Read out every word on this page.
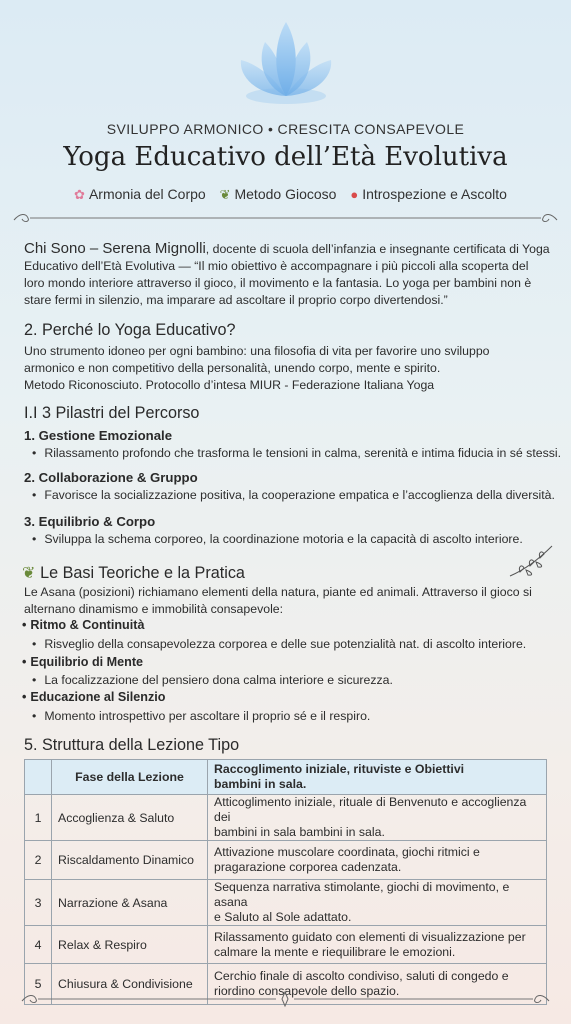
SVILUPPO ARMONICO • CRESCITA CONSAPEVOLE
Yoga Educativo dell’Età Evolutiva
✿ Armonia del Corpo ❦ Metodo Giocoso ● Introspezione e Ascolto
Chi Sono – Serena Mignolli, docente di scuola dell’infanzia e insegnante certificata di Yoga
Educativo dell’Età Evolutiva — “Il mio obiettivo è accompagnare i più piccoli alla scoperta del
loro mondo interiore attraverso il gioco, il movimento e la fantasia. Lo yoga per bambini non è
stare fermi in silenzio, ma imparare ad ascoltare il proprio corpo divertendosi.”
2. Perché lo Yoga Educativo?
Uno strumento idoneo per ogni bambino: una filosofia di vita per favorire uno sviluppo
armonico e non competitivo della personalità, unendo corpo, mente e spirito.
Metodo Riconosciuto. Protocollo d’intesa MIUR - Federazione Italiana Yoga
I.I 3 Pilastri del Percorso
1. Gestione Emozionale
• Rilassamento profondo che trasforma le tensioni in calma, serenità e intima fiducia in sé stessi.
2. Collaborazione & Gruppo
• Favorisce la socializzazione positiva, la cooperazione empatica e l’accoglienza della diversità.
3. Equilibrio & Corpo
• Sviluppa la schema corporeo, la coordinazione motoria e la capacità di ascolto interiore.
❦ Le Basi Teoriche e la Pratica
Le Asana (posizioni) richiamano elementi della natura, piante ed animali. Attraverso il gioco si
alternano dinamismo e immobilità consapevole:
• Ritmo & Continuità
• Risveglio della consapevolezza corporea e delle sue potenzialità nat. di ascolto interiore.
• Equilibrio di Mente
• La focalizzazione del pensiero dona calma interiore e sicurezza.
• Educazione al Silenzio
• Momento introspettivo per ascoltare il proprio sé e il respiro.
5. Struttura della Lezione Tipo
	Fase della Lezione	Raccoglimento iniziale, rituviste e Obiettivi
bambini in sala.

1	Accoglienza & Saluto	Atticoglimento iniziale, rituale di Benvenuto e accoglienza dei
bambini in sala bambini in sala.

2	Riscaldamento Dinamico	Attivazione muscolare coordinata, giochi ritmici e
pragarazione corporea cadenzata.

3	Narrazione & Asana	Sequenza narrativa stimolante, giochi di movimento, e asana
e Saluto al Sole adattato.

4	Relax & Respiro	Rilassamento guidato con elementi di visualizzazione per
calmare la mente e riequilibrare le emozioni.

5	Chiusura & Condivisione	Cerchio finale di ascolto condiviso, saluti di congedo e
riordino consapevole dello spazio.
